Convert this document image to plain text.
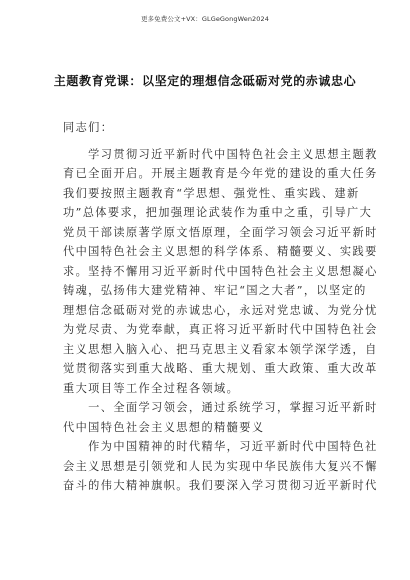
更多免费公文+VX：GLGeGongWen2024
主题教育党课：以坚定的理想信念砥砺对党的赤诚忠心
同志们：
　　学习贯彻习近平新时代中国特色社会主义思想主题教
育已全面开启。开展主题教育是今年党的建设的重大任务
我们要按照主题教育“学思想、强党性、重实践、建新
功”总体要求，把加强理论武装作为重中之重，引导广大
党员干部读原著学原文悟原理，全面学习领会习近平新时
代中国特色社会主义思想的科学体系、精髓要义、实践要
求。坚持不懈用习近平新时代中国特色社会主义思想凝心
铸魂，弘扬伟大建党精神、牢记“国之大者”，以坚定的
理想信念砥砺对党的赤诚忠心，永远对党忠诚、为党分忧
为党尽责、为党奉献，真正将习近平新时代中国特色社会
主义思想入脑入心、把马克思主义看家本领学深学透，自
觉贯彻落实到重大战略、重大规划、重大政策、重大改革
重大项目等工作全过程各领域。
　　一、全面学习领会，通过系统学习，掌握习近平新时
代中国特色社会主义思想的精髓要义
　　作为中国精神的时代精华，习近平新时代中国特色社
会主义思想是引领党和人民为实现中华民族伟大复兴不懈
奋斗的伟大精神旗帜。我们要深入学习贯彻习近平新时代
